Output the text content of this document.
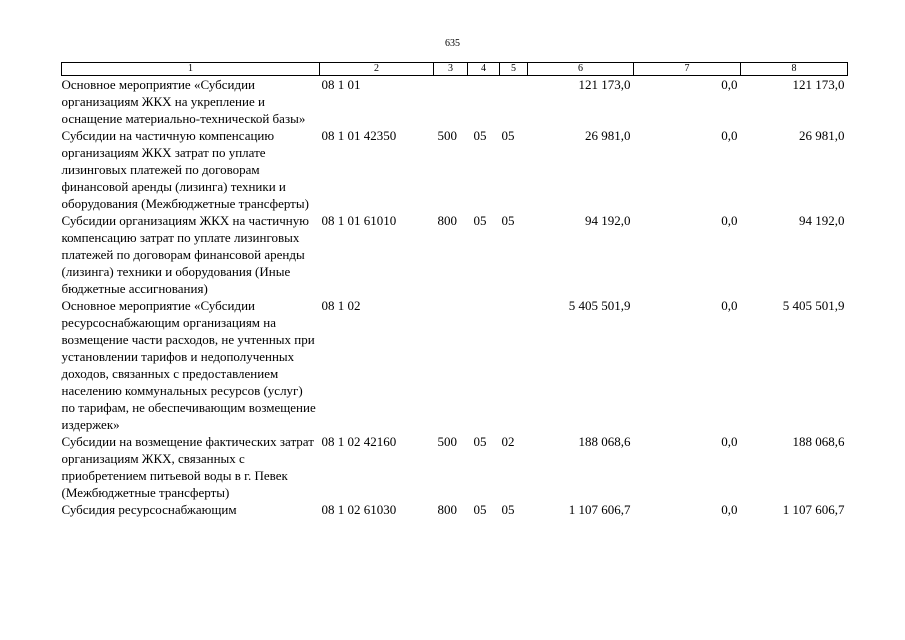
635
1	2	3	4	5	6	7	8
Основное мероприятие «Субсидии организациям ЖКХ на укрепление и оснащение материально-технической базы»	08 1 01				121 173,0	0,0	121 173,0
Субсидии на частичную компенсацию организациям ЖКХ затрат по уплате лизинговых платежей по договорам финансовой аренды (лизинга) техники и оборудования (Межбюджетные трансферты)	08 1 01 42350	500	05	05	26 981,0	0,0	26 981,0
Субсидии организациям ЖКХ на частичную компенсацию затрат по уплате лизинговых платежей по договорам финансовой аренды (лизинга) техники и оборудования (Иные бюджетные ассигнования)	08 1 01 61010	800	05	05	94 192,0	0,0	94 192,0
Основное мероприятие «Субсидии ресурсоснабжающим организациям на возмещение части расходов, не учтенных при установлении тарифов и недополученных доходов, связанных с предоставлением населению коммунальных ресурсов (услуг) по тарифам, не обеспечивающим возмещение издержек»	08 1 02				5 405 501,9	0,0	5 405 501,9
Субсидии на возмещение фактических затрат организациям ЖКХ, связанных с приобретением питьевой воды в г. Певек (Межбюджетные трансферты)	08 1 02 42160	500	05	02	188 068,6	0,0	188 068,6
Субсидия ресурсоснабжающим	08 1 02 61030	800	05	05	1 107 606,7	0,0	1 107 606,7
